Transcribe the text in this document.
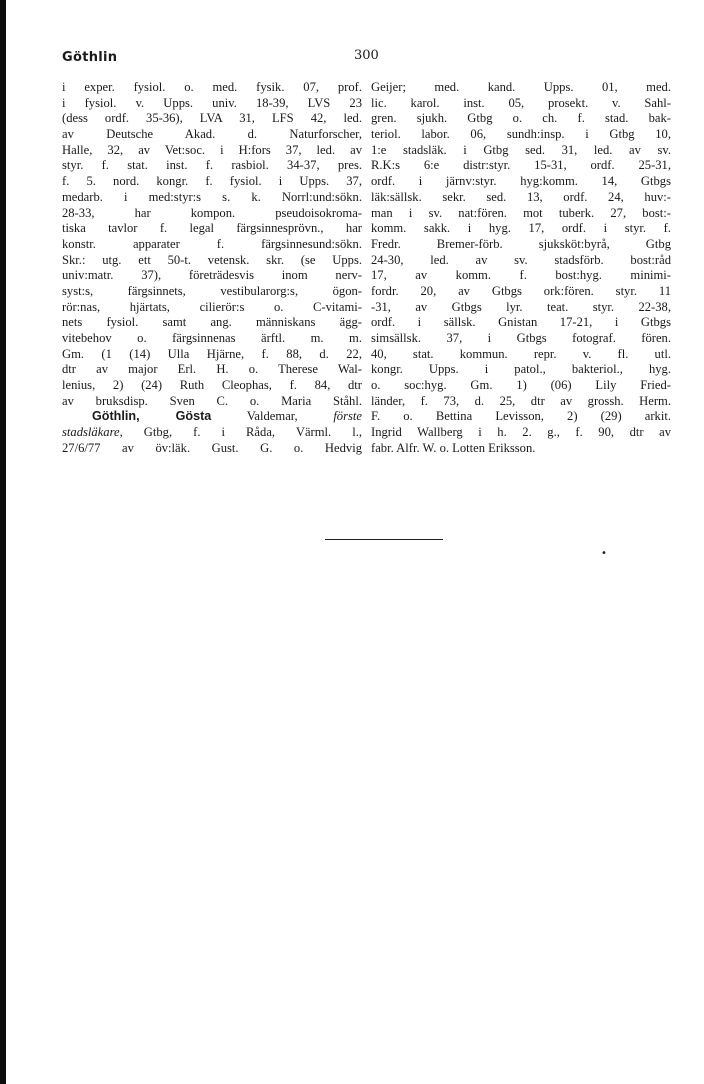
Göthlin	300
i exper. fysiol. o. med. fysik. 07, prof.
i fysiol. v. Upps. univ. 18-39, LVS 23
(dess ordf. 35-36), LVA 31, LFS 42, led.
av Deutsche Akad. d. Naturforscher,
Halle, 32, av Vet:soc. i H:fors 37, led. av
styr. f. stat. inst. f. rasbiol. 34-37, pres.
f. 5. nord. kongr. f. fysiol. i Upps. 37,
medarb. i med:styr:s s. k. Norrl:und:sökn.
28-33, har kompon. pseudoisokroma-
tiska tavlor f. legal färgsinnesprövn., har
konstr. apparater f. färgsinnesund:sökn.
Skr.: utg. ett 50-t. vetensk. skr. (se Upps.
univ:matr. 37), företrädesvis inom nerv-
syst:s, färgsinnets, vestibularorg:s, ögon-
rör:nas, hjärtats, cilierör:s o. C-vitami-
nets fysiol. samt ang. människans ägg-
vitebehov o. färgsinnenas ärftl. m. m.
Gm. (1 (14) Ulla Hjärne, f. 88, d. 22,
dtr av major Erl. H. o. Therese Wal-
lenius, 2) (24) Ruth Cleophas, f. 84, dtr
av bruksdisp. Sven C. o. Maria Ståhl.
Göthlin, Gösta Valdemar, förste
stadsläkare, Gtbg, f. i Råda, Värml. l.,
27/6/77 av öv:läk. Gust. G. o. Hedvig
Geijer; med. kand. Upps. 01, med.
lic. karol. inst. 05, prosekt. v. Sahl-
gren. sjukh. Gtbg o. ch. f. stad. bak-
teriol. labor. 06, sundh:insp. i Gtbg 10,
1:e stadsläk. i Gtbg sed. 31, led. av sv.
R.K:s 6:e distr:styr. 15-31, ordf. 25-31,
ordf. i järnv:styr. hyg:komm. 14, Gtbgs
läk:sällsk. sekr. sed. 13, ordf. 24, huv:-
man i sv. nat:fören. mot tuberk. 27, bost:-
komm. sakk. i hyg. 17, ordf. i styr. f.
Fredr. Bremer-förb. sjuksköt:byrå, Gtbg
24-30, led. av sv. stadsförb. bost:råd
17, av komm. f. bost:hyg. minimi-
fordr. 20, av Gtbgs ork:fören. styr. 11
-31, av Gtbgs lyr. teat. styr. 22-38,
ordf. i sällsk. Gnistan 17-21, i Gtbgs
simsällsk. 37, i Gtbgs fotograf. fören.
40, stat. kommun. repr. v. fl. utl.
kongr. Upps. i patol., bakteriol., hyg.
o. soc:hyg. Gm. 1) (06) Lily Fried-
länder, f. 73, d. 25, dtr av grossh. Herm.
F. o. Bettina Levisson, 2) (29) arkit.
Ingrid Wallberg i h. 2. g., f. 90, dtr av
fabr. Alfr. W. o. Lotten Eriksson.
•
